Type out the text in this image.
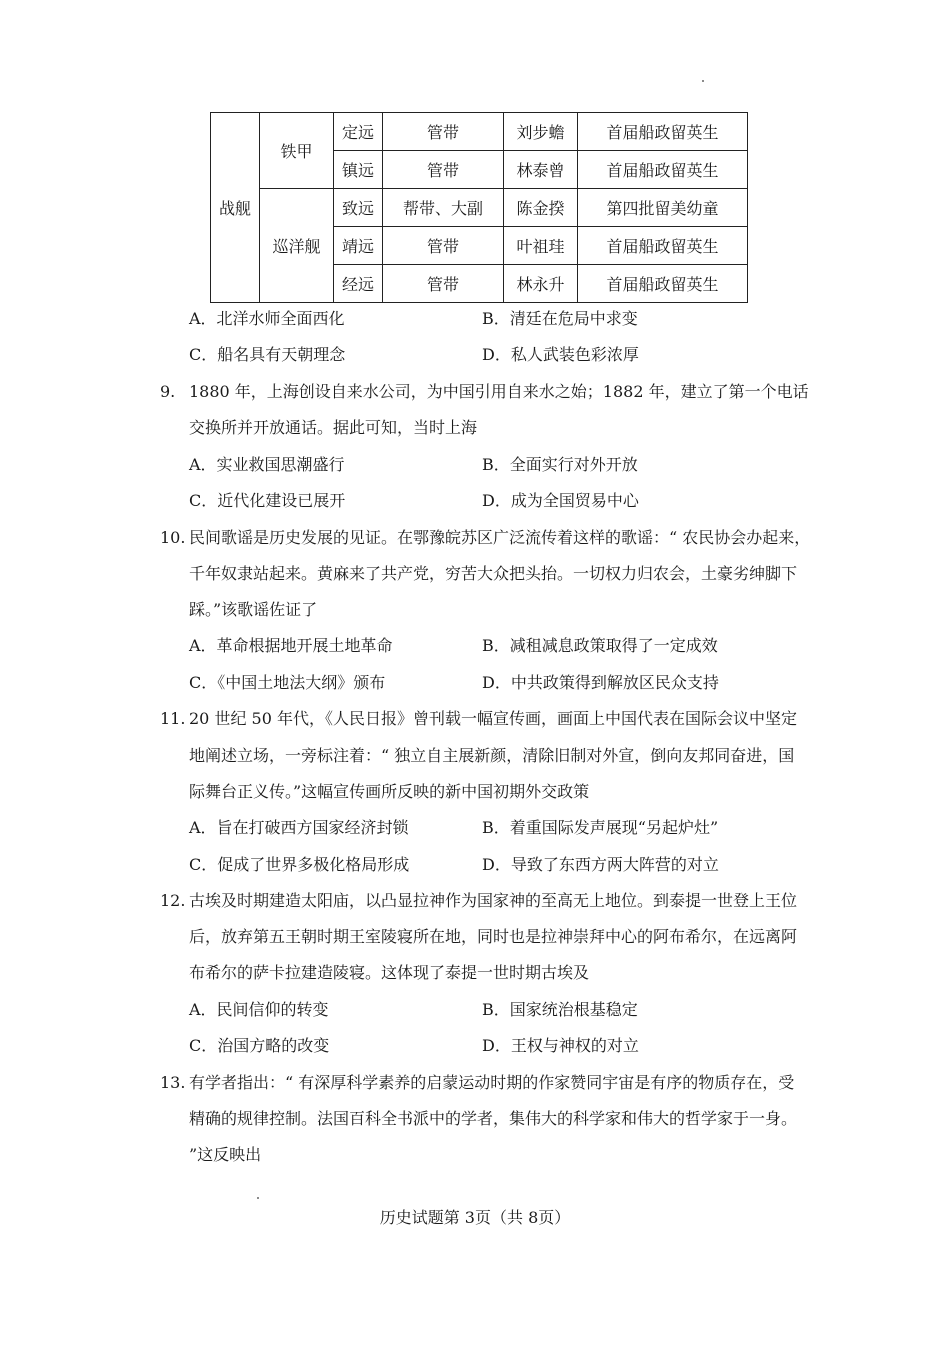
战舰	铁甲	定远	管带	刘步蟾	首届船政留英生
		镇远	管带	林泰曾	首届船政留英生
	巡洋舰	致远	帮带、大副	陈金揆	第四批留美幼童
		靖远	管带	叶祖珪	首届船政留英生
		经远	管带	林永升	首届船政留英生
A．北洋水师全面西化	B．清廷在危局中求变
C．船名具有天朝理念	D．私人武装色彩浓厚
9. 1880 年，上海创设自来水公司，为中国引用自来水之始；1882 年，建立了第一个电话
交换所并开放通话。据此可知，当时上海
A．实业救国思潮盛行	B．全面实行对外开放
C．近代化建设已展开	D．成为全国贸易中心
10. 民间歌谣是历史发展的见证。在鄂豫皖苏区广泛流传着这样的歌谣：“ 农民协会办起来，
千年奴隶站起来。黄麻来了共产党，穷苦大众把头抬。一切权力归农会，土豪劣绅脚下
踩。”该歌谣佐证了
A．革命根据地开展土地革命	B．减租减息政策取得了一定成效
C．《中国土地法大纲》颁布	D．中共政策得到解放区民众支持
11. 20 世纪 50 年代，《人民日报》曾刊载一幅宣传画，画面上中国代表在国际会议中坚定
地阐述立场，一旁标注着：“ 独立自主展新颜，清除旧制对外宣，倒向友邦同奋进，国
际舞台正义传。”这幅宣传画所反映的新中国初期外交政策
A．旨在打破西方国家经济封锁	B．着重国际发声展现“另起炉灶”
C．促成了世界多极化格局形成	D．导致了东西方两大阵营的对立
12. 古埃及时期建造太阳庙，以凸显拉神作为国家神的至高无上地位。到泰提一世登上王位
后，放弃第五王朝时期王室陵寝所在地，同时也是拉神崇拜中心的阿布希尔，在远离阿
布希尔的萨卡拉建造陵寝。这体现了泰提一世时期古埃及
A．民间信仰的转变	B．国家统治根基稳定
C．治国方略的改变	D．王权与神权的对立
13. 有学者指出：“ 有深厚科学素养的启蒙运动时期的作家赞同宇宙是有序的物质存在，受
精确的规律控制。法国百科全书派中的学者，集伟大的科学家和伟大的哲学家于一身。
”这反映出
历史试题第 3页（共 8页）
